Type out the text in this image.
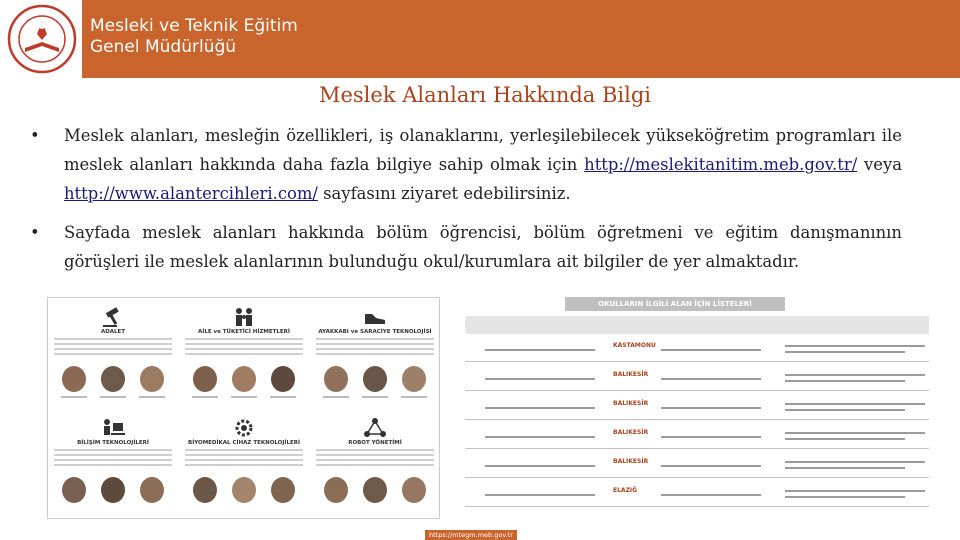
Mesleki ve Teknik Eğitim
Genel Müdürlüğü
Meslek Alanları Hakkında Bilgi
• Meslek alanları, mesleğin özellikleri, iş olanaklarını, yerleşilebilecek yükseköğretim programları ile meslek alanları hakkında daha fazla bilgiye sahip olmak için http://meslekitanitim.meb.gov.tr/ veya http://www.alantercihleri.com/ sayfasını ziyaret edebilirsiniz.
• Sayfada meslek alanları hakkında bölüm öğrencisi, bölüm öğretmeni ve eğitim danışmanının görüşleri ile meslek alanlarının bulunduğu okul/kurumlara ait bilgiler de yer almaktadır.
ADALET	AİLE ve TÜKETİCİ HİZMETLERİ	AYAKKABI ve SARACİYE TEKNOLOJİSİ
BİLİŞİM TEKNOLOJİLERİ	BİYOMEDİKAL CİHAZ TEKNOLOJİLERİ	ROBOT YÖNETİMİ
OKULLARIN İLGİLİ ALAN İÇİN LİSTELERİ
KASTAMONU
BALIKESİR
BALIKESİR
BALIKESİR
BALIKESİR
ELAZIĞ
https://mtegm.meb.gov.tr
